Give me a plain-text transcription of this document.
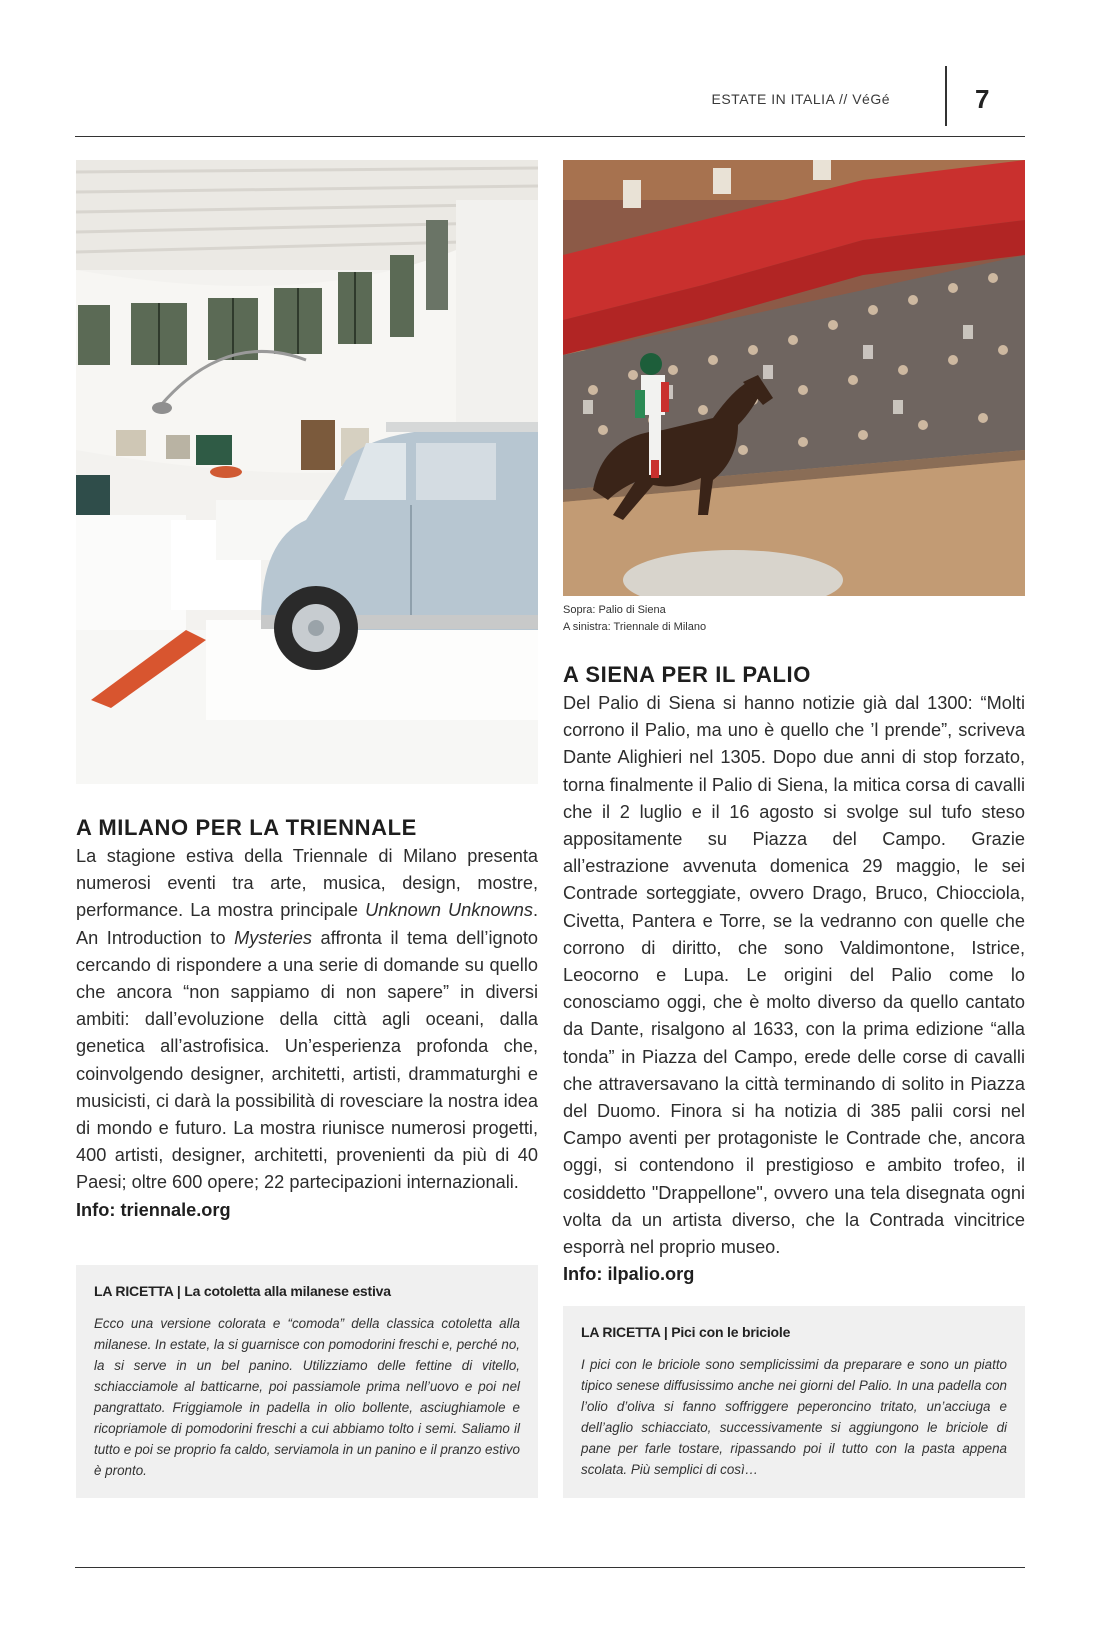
ESTATE IN ITALIA // VéGé	7
Sopra: Palio di Siena
A sinistra: Triennale di Milano
A SIENA PER IL PALIO
Del Palio di Siena si hanno notizie già dal 1300: “Molti corrono il Palio, ma uno è quello che ’l prende”, scriveva Dante Alighieri nel 1305. Dopo due anni di stop forzato, torna finalmente il Palio di Siena, la mitica corsa di cavalli che il 2 luglio e il 16 agosto si svolge sul tufo steso appositamente su Piazza del Campo. Grazie all’estrazione avvenuta domenica 29 maggio, le sei Contrade sorteggiate, ovvero Drago, Bruco, Chiocciola, Civetta, Pantera e Torre, se la vedranno con quelle che corrono di diritto, che sono Valdimontone, Istrice, Leocorno e Lupa. Le origini del Palio come lo conosciamo oggi, che è molto diverso da quello cantato da Dante, risalgono al 1633, con la prima edizione “alla tonda” in Piazza del Campo, erede delle corse di cavalli che attraversavano la città terminando di solito in Piazza del Duomo. Finora si ha notizia di 385 palii corsi nel Campo aventi per protagoniste le Contrade che, ancora oggi, si contendono il prestigioso e ambito trofeo, il cosiddetto "Drappellone", ovvero una tela disegnata ogni volta da un artista diverso, che la Contrada vincitrice esporrà nel proprio museo.
Info: ilpalio.org
A MILANO PER LA TRIENNALE
La stagione estiva della Triennale di Milano presenta numerosi eventi tra arte, musica, design, mostre, performance. La mostra principale Unknown Unknowns. An Introduction to Mysteries affronta il tema dell’ignoto cercando di rispondere a una serie di domande su quello che ancora “non sappiamo di non sapere” in diversi ambiti: dall’evoluzione della città agli oceani, dalla genetica all’astrofisica. Un’esperienza profonda che, coinvolgendo designer, architetti, artisti, drammaturghi e musicisti, ci darà la possibilità di rovesciare la nostra idea di mondo e futuro. La mostra riunisce numerosi progetti, 400 artisti, designer, architetti, provenienti da più di 40 Paesi; oltre 600 opere; 22 partecipazioni internazionali.
Info: triennale.org
LA RICETTA | La cotoletta alla milanese estiva
Ecco una versione colorata e “comoda” della classica cotoletta alla milanese. In estate, la si guarnisce con pomodorini freschi e, perché no, la si serve in un bel panino. Utilizziamo delle fettine di vitello, schiacciamole al batticarne, poi passiamole prima nell’uovo e poi nel pangrattato. Friggiamole in padella in olio bollente, asciughiamole e ricopriamole di pomodorini freschi a cui abbiamo tolto i semi. Saliamo il tutto e poi se proprio fa caldo, serviamola in un panino e il pranzo estivo è pronto.
LA RICETTA | Pici con le briciole
I pici con le briciole sono semplicissimi da preparare e sono un piatto tipico senese diffusissimo anche nei giorni del Palio. In una padella con l’olio d’oliva si fanno soffriggere peperoncino tritato, un’acciuga e dell’aglio schiacciato, successivamente si aggiungono le briciole di pane per farle tostare, ripassando poi il tutto con la pasta appena scolata. Più semplici di così…
